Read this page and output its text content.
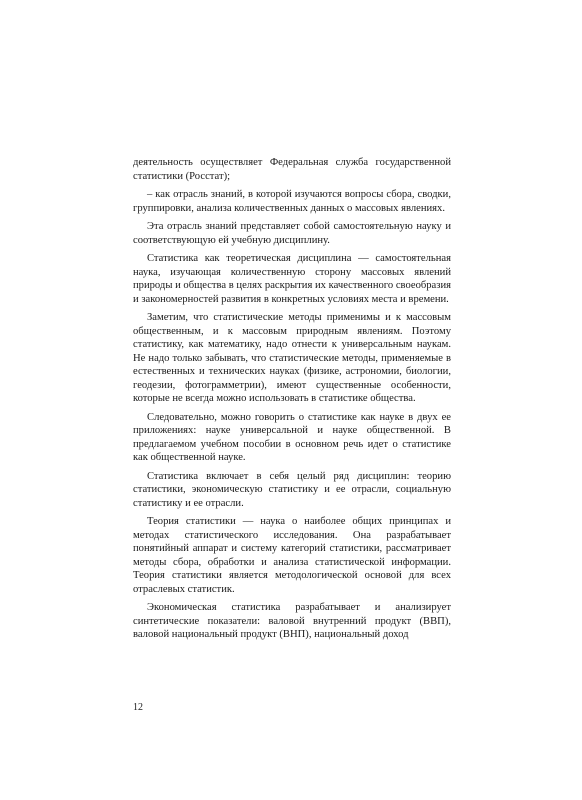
деятельность осуществляет Федеральная служба государственной статистики (Росстат);

– как отрасль знаний, в которой изучаются вопросы сбора, сводки, группировки, анализа количественных данных о массовых явлениях.

Эта отрасль знаний представляет собой самостоятельную науку и соответствующую ей учебную дисциплину.

Статистика как теоретическая дисциплина — самостоятельная наука, изучающая количественную сторону массовых явлений природы и общества в целях раскрытия их качественного своеобразия и закономерностей развития в конкретных условиях места и времени.

Заметим, что статистические методы применимы и к массовым общественным, и к массовым природным явлениям. Поэтому статистику, как математику, надо отнести к универсальным наукам. Не надо только забывать, что статистические методы, применяемые в естественных и технических науках (физике, астрономии, биологии, геодезии, фотограмметрии), имеют существенные особенности, которые не всегда можно использовать в статистике общества.

Следовательно, можно говорить о статистике как науке в двух ее приложениях: науке универсальной и науке общественной. В предлагаемом учебном пособии в основном речь идет о статистике как общественной науке.

Статистика включает в себя целый ряд дисциплин: теорию статистики, экономическую статистику и ее отрасли, социальную статистику и ее отрасли.

Теория статистики — наука о наиболее общих принципах и методах статистического исследования. Она разрабатывает понятийный аппарат и систему категорий статистики, рассматривает методы сбора, обработки и анализа статистической информации. Теория статистики является методологической основой для всех отраслевых статистик.

Экономическая статистика разрабатывает и анализирует синтетические показатели: валовой внутренний продукт (ВВП), валовой национальный продукт (ВНП), национальный доход

12
